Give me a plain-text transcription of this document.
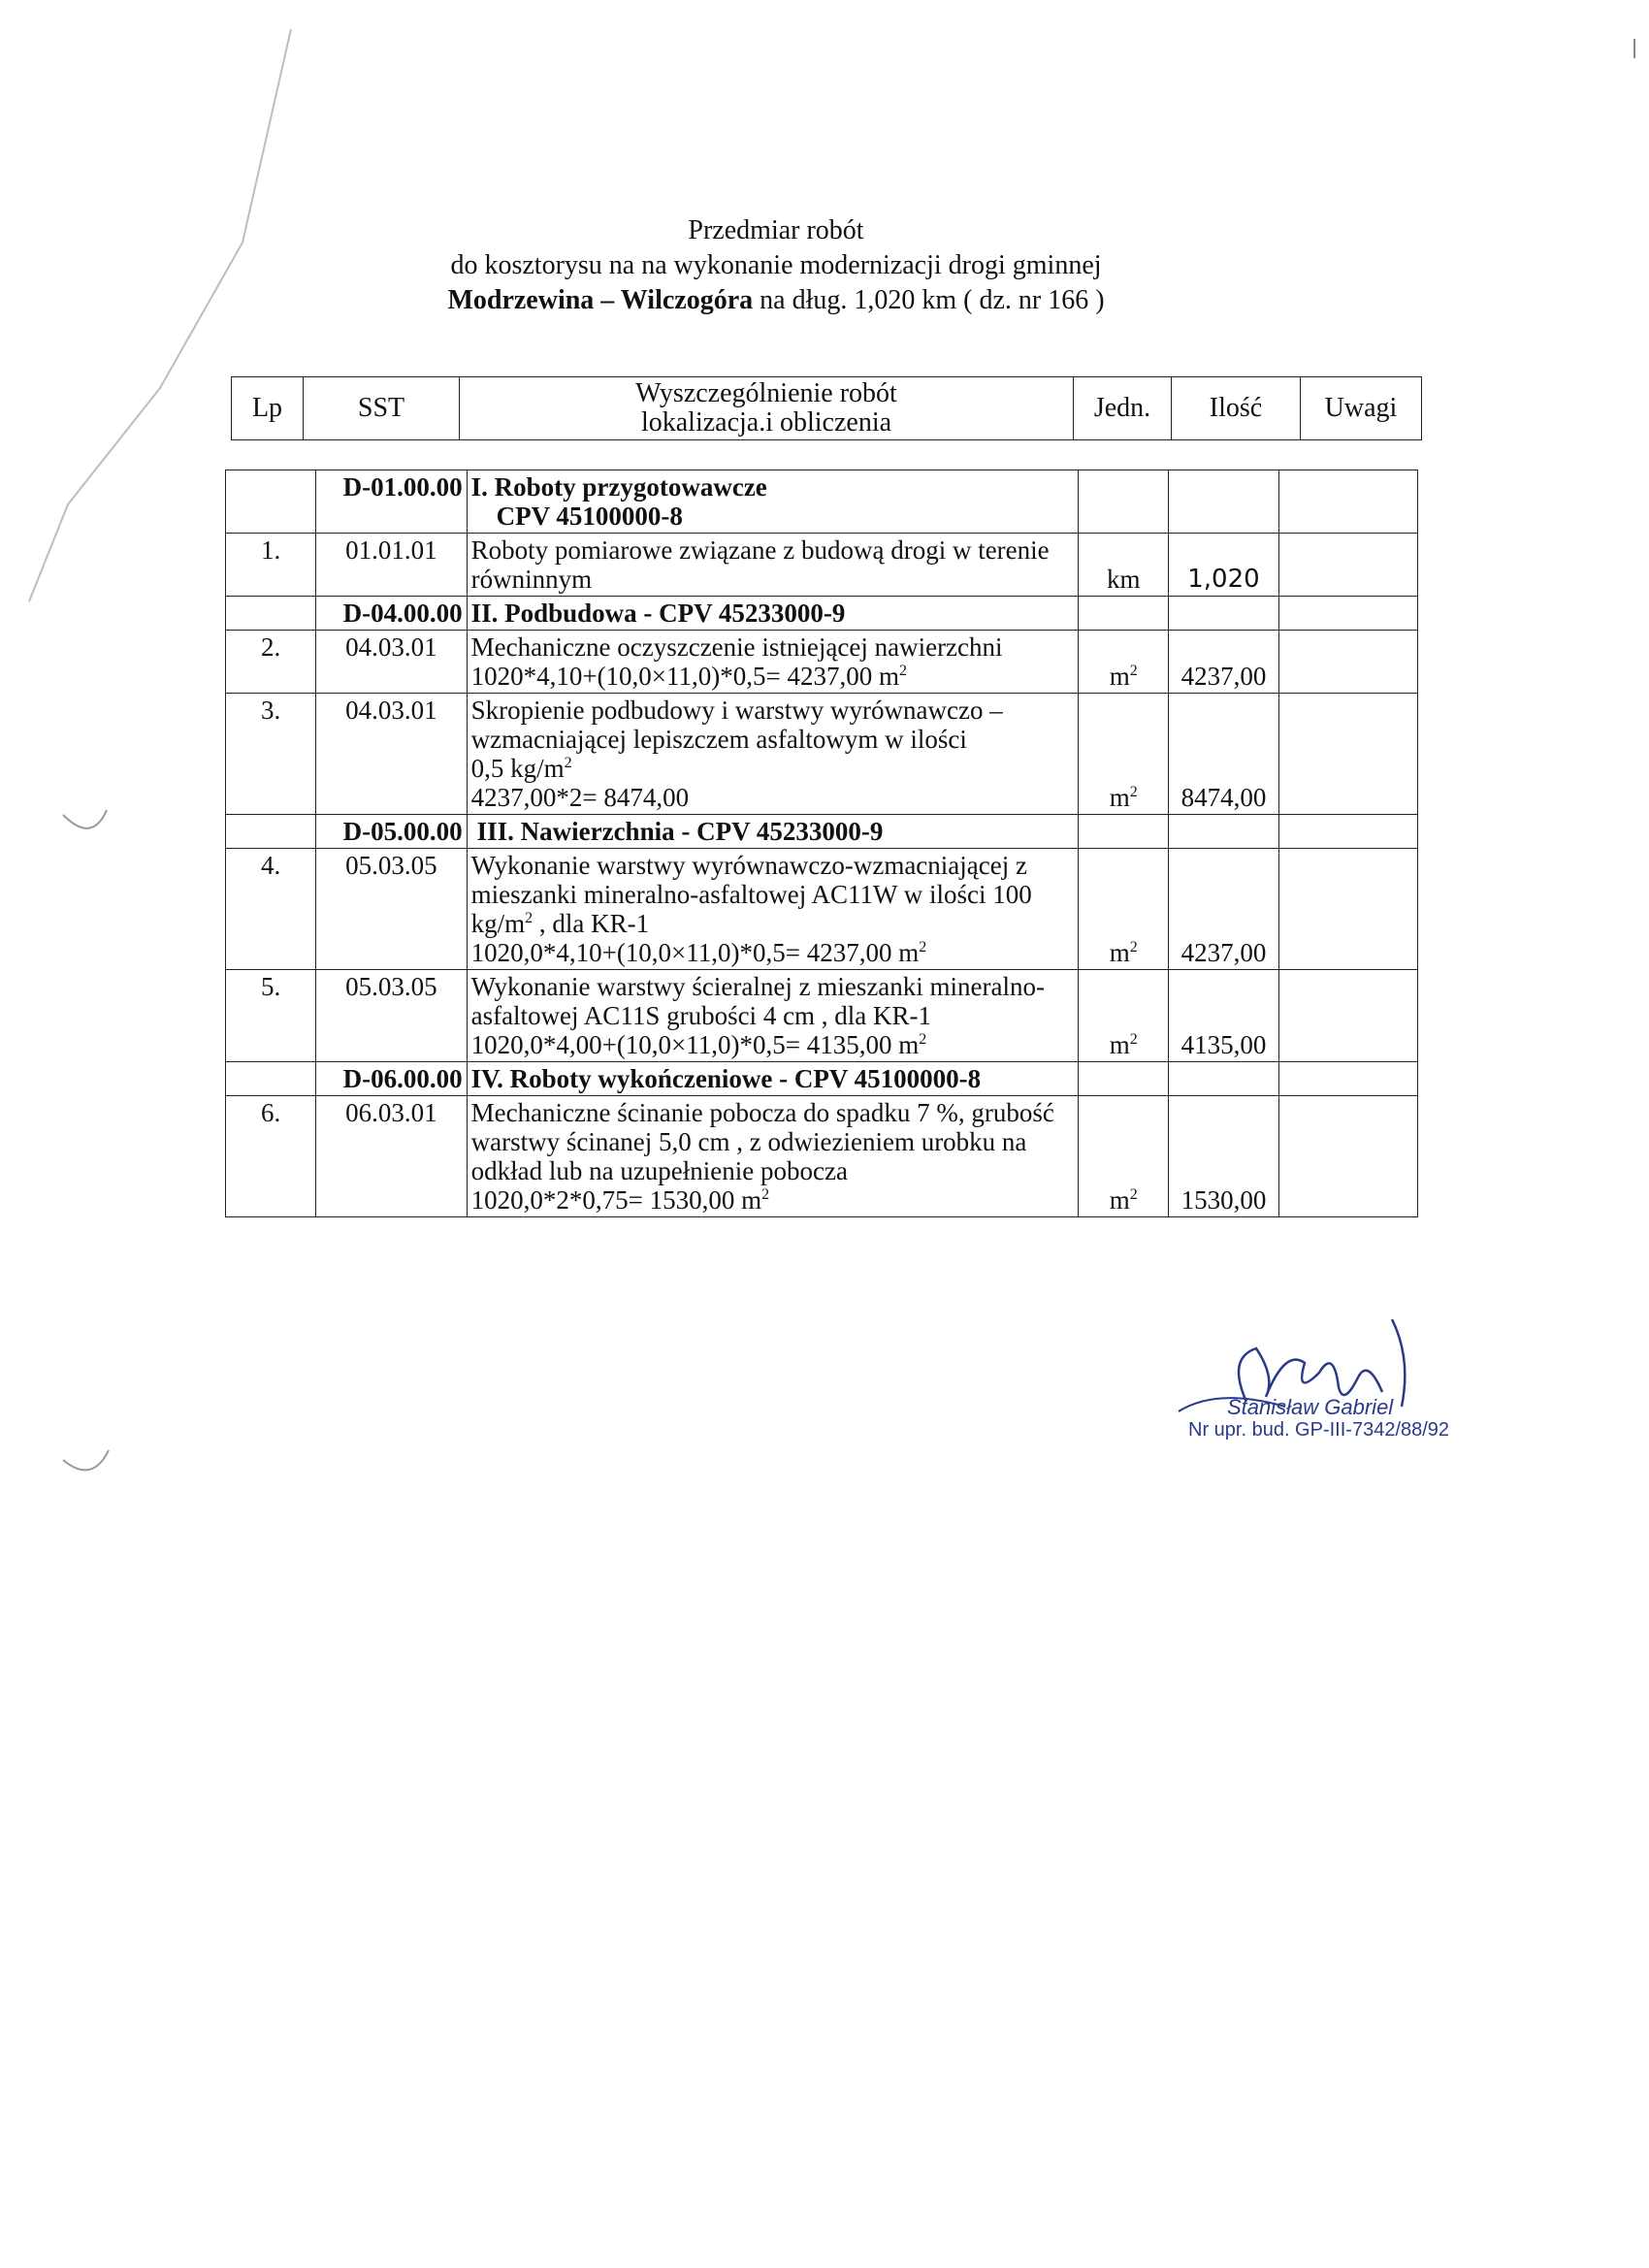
Przedmiar robót
do kosztorysu na na wykonanie modernizacji drogi gminnej
Modrzewina – Wilczogóra na dług. 1,020 km ( dz. nr 166 )
Lp	SST	Wyszczególnienie robót
lokalizacja.i obliczenia	Jedn.	Ilość	Uwagi
	D-01.00.00	I. Roboty przygotowawcze
CPV 45100000-8			

1.	01.01.01	Roboty pomiarowe związane z budową drogi w terenie
równinnym	km	1,020	
	D-04.00.00	II. Podbudowa - CPV 45233000-9			
2.	04.03.01	Mechaniczne oczyszczenie istniejącej nawierzchni
1020*4,10+(10,0×11,0)*0,5= 4237,00 $m^2$	$m^2$	4237,00	
3.	04.03.01	Skropienie podbudowy i warstwy wyrównawczo –
wzmacniającej lepiszczem asfaltowym w ilości
0,5 $kg/m^2$
4237,00*2= 8474,00	$m^2$	8474,00	
	D-05.00.00	III. Nawierzchnia - CPV 45233000-9			
4.	05.03.05	Wykonanie warstwy wyrównawczo-wzmacniającej z
mieszanki mineralno-asfaltowej AC11W w ilości 100
$kg/m^2$ , dla KR-1
1020,0*4,10+(10,0×11,0)*0,5= 4237,00 $m^2$	$m^2$	4237,00	
5.	05.03.05	Wykonanie warstwy ścieralnej z mieszanki mineralno-
asfaltowej AC11S grubości 4 cm , dla KR-1
1020,0*4,00+(10,0×11,0)*0,5= 4135,00 $m^2$	$m^2$	4135,00	
	D-06.00.00	IV. Roboty wykończeniowe - CPV 45100000-8			
6.	06.03.01	Mechaniczne ścinanie pobocza do spadku 7 %, grubość
warstwy ścinanej 5,0 cm , z odwiezieniem urobku na
odkład lub na uzupełnienie pobocza
1020,0*2*0,75= 1530,00 $m^2$	$m^2$	1530,00	
Stanisław Gabriel
Nr upr. bud. GP-III-7342/88/92
